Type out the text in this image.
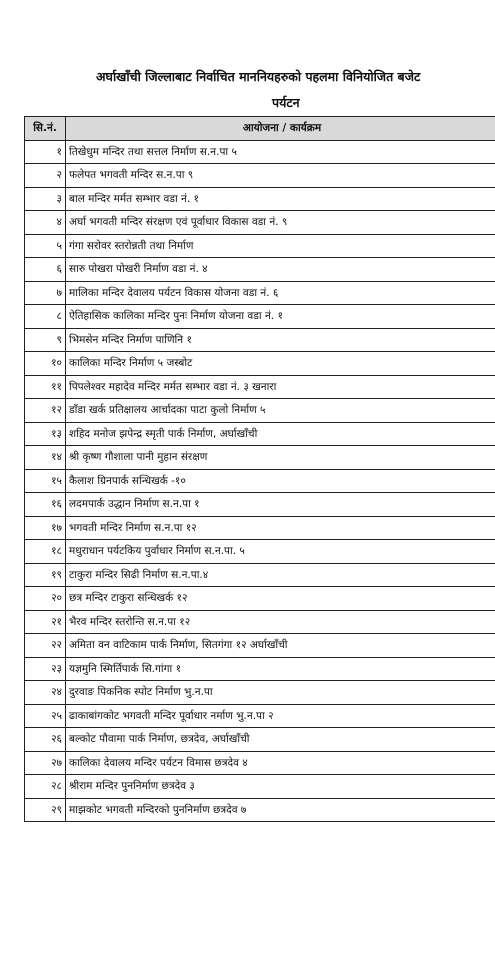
अर्घाखाँची जिल्लाबाट निर्वाचित माननियहरुको पहलमा विनियोजित बजेट
पर्यटन
सि.नं.	आयोजना / कार्यक्रम
१	तिखेधुम मन्दिर तथा सत्तल निर्माण स.न.पा ५
२	फलेपत भगवती मन्दिर स.न.पा ९
३	बाल मन्दिर मर्मत सम्भार वडा नं. १
४	अर्घा भगवती मन्दिर संरक्षण एवं पूर्वाधार विकास वडा नं. ९
५	गंगा सरोवर स्तरोन्नती तथा निर्माण
६	सारु पोखरा पोखरी निर्माण वडा नं. ४
७	मालिका मन्दिर देवालय पर्यटन विकास योजना वडा नं. ६
८	ऐतिहासिक कालिका मन्दिर पुनः निर्माण योजना वडा नं. १
९	भिमसेन मन्दिर निर्माण पाणिनि १
१०	कालिका मन्दिर निर्माण ५ जस्बोट
११	पिपलेश्वर महादेव मन्दिर मर्मत सम्भार वडा नं. ३ खनारा
१२	डाँडा खर्क प्रतिक्षालय आर्चादका पाटा कुलो निर्माण ५
१३	शहिद मनोज झपेन्द्र स्मृती पार्क निर्माण, अर्घाखाँची
१४	श्री कृष्ण गौशाला पानी मुहान संरक्षण
१५	कैलाश ग्रिनपार्क सन्धिखर्क -१०
१६	लदमपार्क उद्धान निर्माण स.न.पा १
१७	भगवती मन्दिर निर्माण स.न.पा १२
१८	मधुराधान पर्यटकिय पुर्वाधार निर्माण स.न.पा. ५
१९	टाकुरा मन्दिर सिढी निर्माण स.न.पा.४
२०	छत्र मन्दिर टाकुरा सन्धिखर्क १२
२१	भैरव मन्दिर स्तरोन्ति स.न.पा १२
२२	अमिता वन वाटिकाम पार्क निर्माण, सितगंगा १२ अर्घाखाँची
२३	यज्ञमुनि स्मिर्तिपार्क सि.गांगा १
२४	दुरवाङ पिकनिक स्पोट निर्माण भु.न.पा
२५	ढाकाबांगकोट भगवती मन्दिर पूर्वाधार नर्माण भु.न.पा २
२६	बल्कोट पौवामा पार्क निर्माण, छत्रदेव, अर्घाखाँची
२७	कालिका देवालय मन्दिर पर्यटन विमास छत्रदेव ४
२८	श्रीराम मन्दिर पुननिर्माण छत्रदेव ३
२९	माझकोट भगवती मन्दिरको पुननिर्माण छत्रदेव ७
